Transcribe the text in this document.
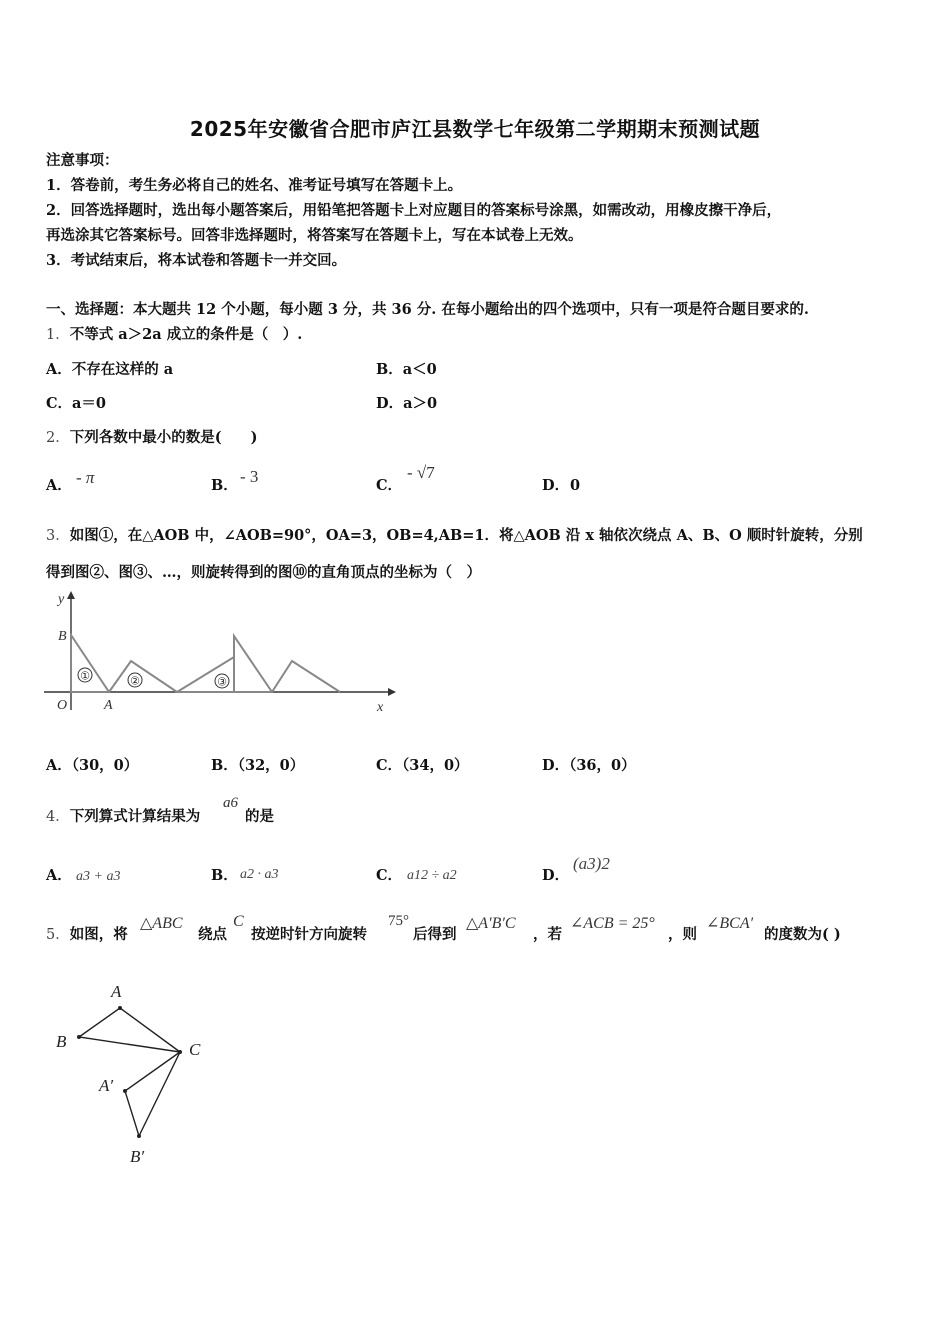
2025年安徽省合肥市庐江县数学七年级第二学期期末预测试题
注意事项：
1．答卷前，考生务必将自己的姓名、准考证号填写在答题卡上。
2．回答选择题时，选出每小题答案后，用铅笔把答题卡上对应题目的答案标号涂黑，如需改动，用橡皮擦干净后，
再选涂其它答案标号。回答非选择题时，将答案写在答题卡上，写在本试卷上无效。
3．考试结束后，将本试卷和答题卡一并交回。
一、选择题：本大题共 12 个小题，每小题 3 分，共 36 分. 在每小题给出的四个选项中，只有一项是符合题目要求的.
1．不等式 a＞2a 成立的条件是（　）.
A．不存在这样的 a	B．a＜0
C．a＝0	D．a＞0
2．下列各数中最小的数是(　　)
A． - π	B． - 3	C．
- √7
D． 0
3．如图①，在△AOB 中，∠AOB=90°，OA=3，OB=4,AB=1．将△AOB 沿 x 轴依次绕点 A、B、O 顺时针旋转，分别
得到图②、图③、…，则旋转得到的图⑩的直角顶点的坐标为（　）
①	②	③
y
x
O	A
B
A．（30，0）	B．（32，0）	C．（34，0）	D．（36，0）
4．下列算式计算结果为
a6
的是
A． a3 + a3	B． a2 · a3	C． a12 ÷ a2	D．
(a3)2
5．如图，将
△ABC
绕点
C
按逆时针方向旋转
75°
后得到
△A′B′C
，若
∠ACB = 25°
，则
∠BCA′
的度数为( )
A
B	C
A′
B′
